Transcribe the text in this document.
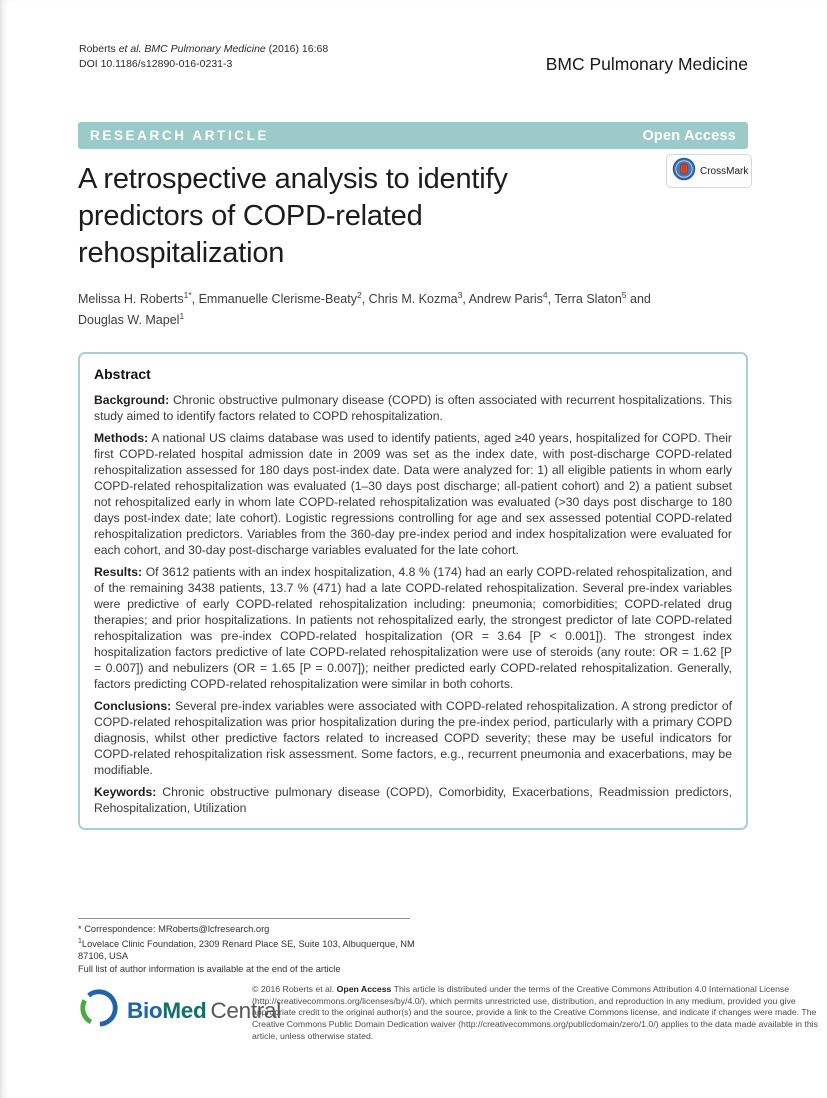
Roberts et al. BMC Pulmonary Medicine (2016) 16:68
DOI 10.1186/s12890-016-0231-3	BMC Pulmonary Medicine
RESEARCH ARTICLE	Open Access
CrossMark
A retrospective analysis to identify predictors of COPD-related rehospitalization
Melissa H. Roberts$^{1*}$, Emmanuelle Clerisme-Beaty$^2$, Chris M. Kozma$^3$, Andrew Paris$^4$, Terra Slaton$^5$ and Douglas W. Mapel$^1$
Abstract

Background: Chronic obstructive pulmonary disease (COPD) is often associated with recurrent hospitalizations. This study aimed to identify factors related to COPD rehospitalization.

Methods: A national US claims database was used to identify patients, aged ≥40 years, hospitalized for COPD. Their first COPD-related hospital admission date in 2009 was set as the index date, with post-discharge COPD-related rehospitalization assessed for 180 days post-index date. Data were analyzed for: 1) all eligible patients in whom early COPD-related rehospitalization was evaluated (1–30 days post discharge; all-patient cohort) and 2) a patient subset not rehospitalized early in whom late COPD-related rehospitalization was evaluated (>30 days post discharge to 180 days post-index date; late cohort). Logistic regressions controlling for age and sex assessed potential COPD-related rehospitalization predictors. Variables from the 360-day pre-index period and index hospitalization were evaluated for each cohort, and 30-day post-discharge variables evaluated for the late cohort.

Results: Of 3612 patients with an index hospitalization, 4.8 % (174) had an early COPD-related rehospitalization, and of the remaining 3438 patients, 13.7 % (471) had a late COPD-related rehospitalization. Several pre-index variables were predictive of early COPD-related rehospitalization including: pneumonia; comorbidities; COPD-related drug therapies; and prior hospitalizations. In patients not rehospitalized early, the strongest predictor of late COPD-related rehospitalization was pre-index COPD-related hospitalization (OR = 3.64 [P < 0.001]). The strongest index hospitalization factors predictive of late COPD-related rehospitalization were use of steroids (any route: OR = 1.62 [P = 0.007]) and nebulizers (OR = 1.65 [P = 0.007]); neither predicted early COPD-related rehospitalization. Generally, factors predicting COPD-related rehospitalization were similar in both cohorts.

Conclusions: Several pre-index variables were associated with COPD-related rehospitalization. A strong predictor of COPD-related rehospitalization was prior hospitalization during the pre-index period, particularly with a primary COPD diagnosis, whilst other predictive factors related to increased COPD severity; these may be useful indicators for COPD-related rehospitalization risk assessment. Some factors, e.g., recurrent pneumonia and exacerbations, may be modifiable.

Keywords: Chronic obstructive pulmonary disease (COPD), Comorbidity, Exacerbations, Readmission predictors, Rehospitalization, Utilization

* Correspondence: MRoberts@lcfresearch.org
$^1$Lovelace Clinic Foundation, 2309 Renard Place SE, Suite 103, Albuquerque, NM 87106, USA
Full list of author information is available at the end of the article
BioMed Central
© 2016 Roberts et al. Open Access This article is distributed under the terms of the Creative Commons Attribution 4.0 International License (http://creativecommons.org/licenses/by/4.0/), which permits unrestricted use, distribution, and reproduction in any medium, provided you give appropriate credit to the original author(s) and the source, provide a link to the Creative Commons license, and indicate if changes were made. The Creative Commons Public Domain Dedication waiver (http://creativecommons.org/publicdomain/zero/1.0/) applies to the data made available in this article, unless otherwise stated.
